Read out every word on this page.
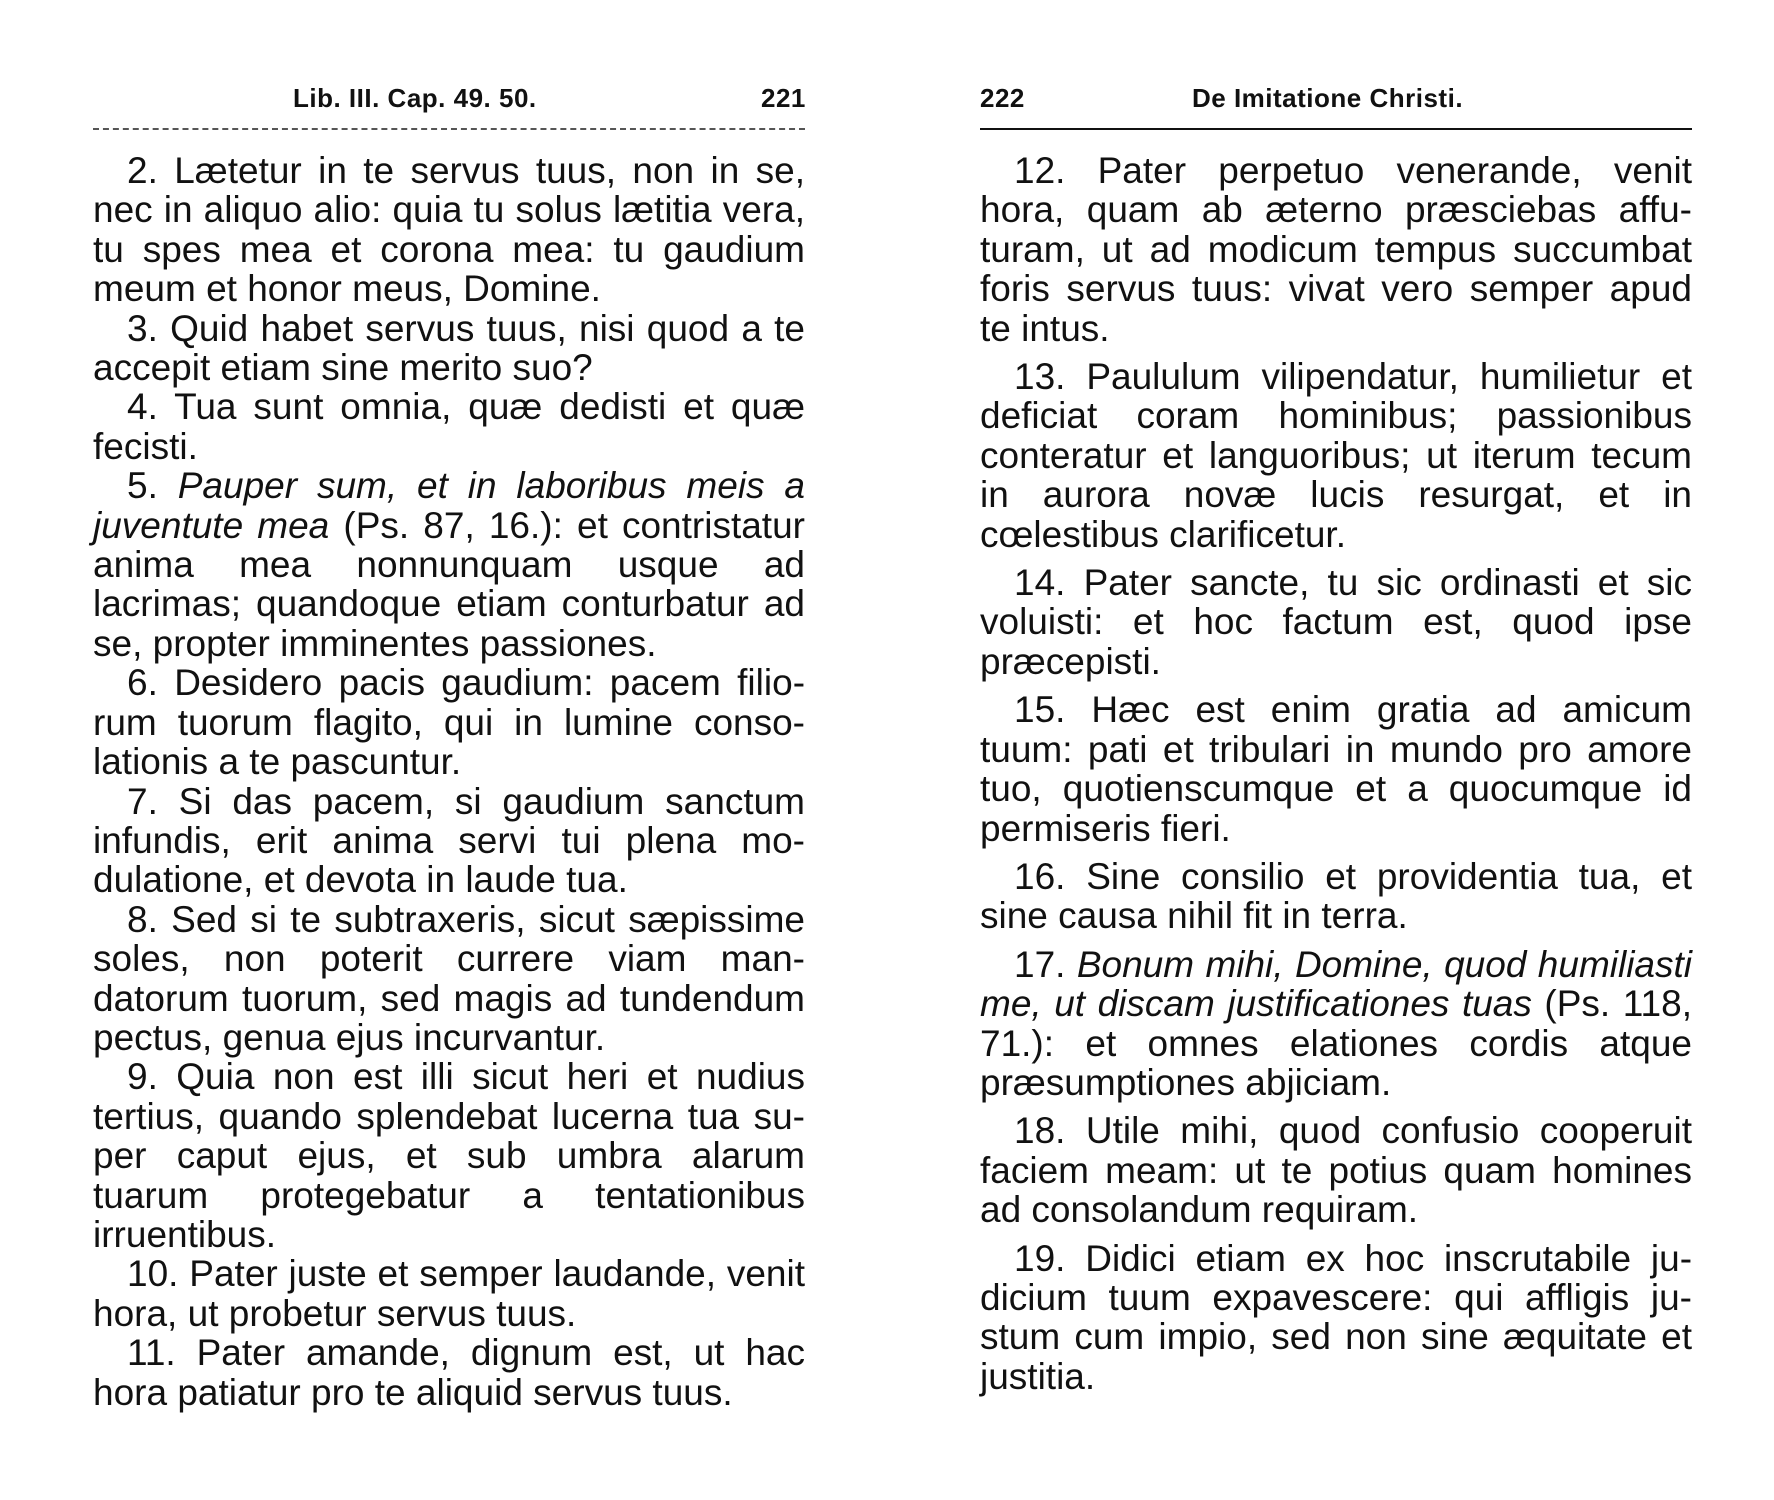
Lib. III. Cap. 49. 50.	221

2. Lætetur in te servus tuus, non in se, nec in aliquo alio: quia tu solus lætitia vera, tu spes mea et corona mea: tu gaudium meum et honor meus, Domine.

3. Quid habet servus tuus, nisi quod a te accepit etiam sine merito suo?

4. Tua sunt omnia, quæ dedisti et quæ fecisti.

5. Pauper sum, et in laboribus meis a juventute mea (Ps. 87, 16.): et contristatur anima mea nonnunquam usque ad lacrimas; quandoque etiam conturbatur ad se, propter imminentes passiones.

6. Desidero pacis gaudium: pacem filiorum tuorum flagito, qui in lumine consolationis a te pascuntur.

7. Si das pacem, si gaudium sanctum infundis, erit anima servi tui plena modulatione, et devota in laude tua.

8. Sed si te subtraxeris, sicut sæpissime soles, non poterit currere viam mandatorum tuorum, sed magis ad tundendum pectus, genua ejus incurvantur.

9. Quia non est illi sicut heri et nudius tertius, quando splendebat lucerna tua super caput ejus, et sub umbra alarum tuarum protegebatur a tentationibus irruentibus.

10. Pater juste et semper laudande, venit hora, ut probetur servus tuus.

11. Pater amande, dignum est, ut hac hora patiatur pro te aliquid servus tuus.

222	De Imitatione Christi.

12. Pater perpetuo venerande, venit hora, quam ab æterno præsciebas affuturam, ut ad modicum tempus succumbat foris servus tuus: vivat vero semper apud te intus.

13. Paululum vilipendatur, humilietur et deficiat coram hominibus; passionibus conteratur et languoribus; ut iterum tecum in aurora novæ lucis resurgat, et in cœlestibus clarificetur.

14. Pater sancte, tu sic ordinasti et sic voluisti: et hoc factum est, quod ipse præcepisti.

15. Hæc est enim gratia ad amicum tuum: pati et tribulari in mundo pro amore tuo, quotienscumque et a quocumque id permiseris fieri.

16. Sine consilio et providentia tua, et sine causa nihil fit in terra.

17. Bonum mihi, Domine, quod humiliasti me, ut discam justificationes tuas (Ps. 118, 71.): et omnes elationes cordis atque præsumptiones abjiciam.

18. Utile mihi, quod confusio cooperuit faciem meam: ut te potius quam homines ad consolandum requiram.

19. Didici etiam ex hoc inscrutabile judicium tuum expavescere: qui affligis justum cum impio, sed non sine æquitate et justitia.
